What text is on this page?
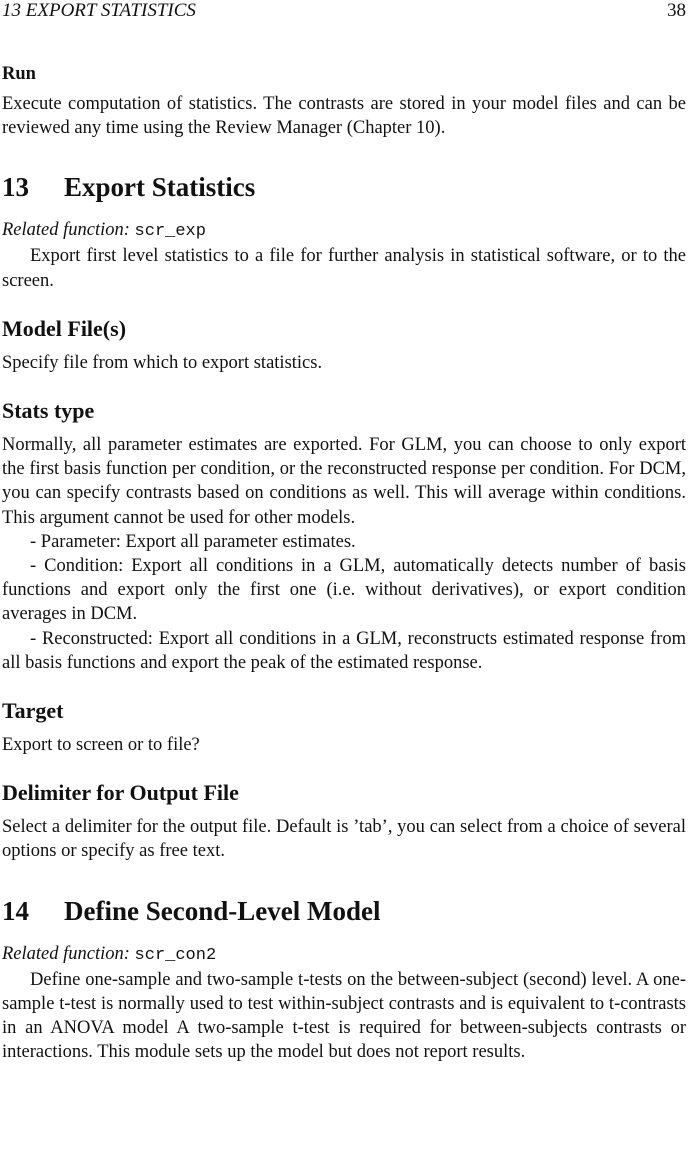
13 EXPORT STATISTICS	38
Run

Execute computation of statistics. The contrasts are stored in your model files and can be reviewed any time using the Review Manager (Chapter 10).

13 Export Statistics
Related function: scr_exp

Export first level statistics to a file for further analysis in statistical software, or to the screen.

Model File(s)

Specify file from which to export statistics.

Stats type

Normally, all parameter estimates are exported. For GLM, you can choose to only export the first basis function per condition, or the reconstructed response per condition. For DCM, you can specify contrasts based on conditions as well. This will average within conditions. This argument cannot be used for other models.

- Parameter: Export all parameter estimates.

- Condition: Export all conditions in a GLM, automatically detects number of basis functions and export only the first one (i.e. without derivatives), or export condition averages in DCM.

- Reconstructed: Export all conditions in a GLM, reconstructs estimated response from all basis functions and export the peak of the estimated response.

Target

Export to screen or to file?

Delimiter for Output File

Select a delimiter for the output file. Default is ’tab’, you can select from a choice of several options or specify as free text.

14 Define Second-Level Model
Related function: scr_con2

Define one-sample and two-sample t-tests on the between-subject (second) level. A one-sample t-test is normally used to test within-subject contrasts and is equivalent to t-contrasts in an ANOVA model A two-sample t-test is required for between-subjects contrasts or interactions. This module sets up the model but does not report results.
